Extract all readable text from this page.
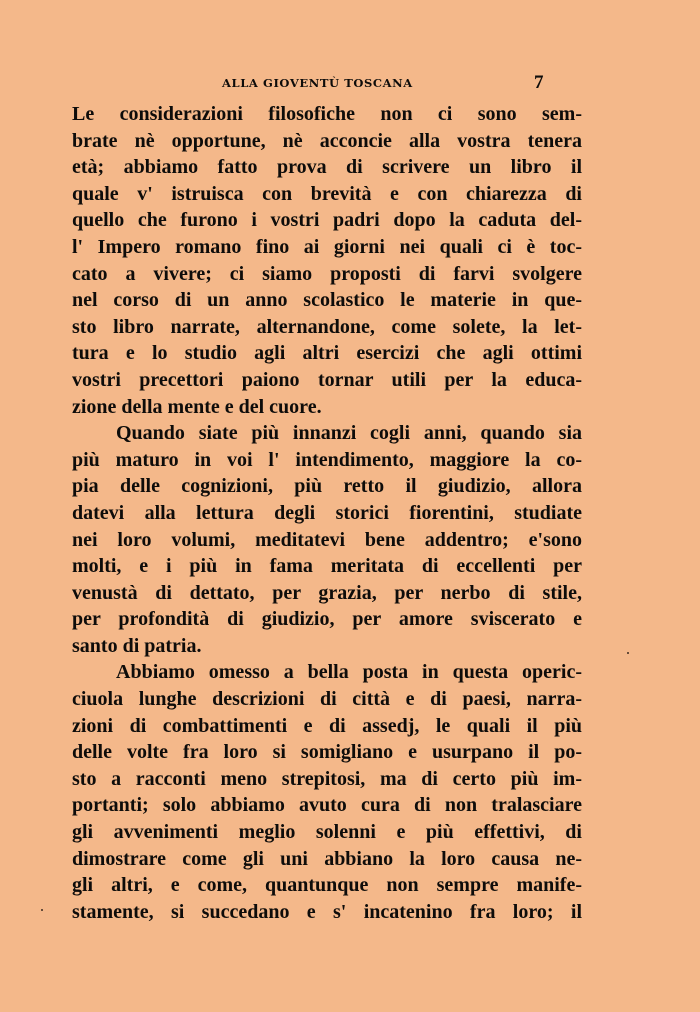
ALLA GIOVENTÙ TOSCANA	7
Le considerazioni filosofiche non ci sono sem-
brate nè opportune, nè acconcie alla vostra tenera
età; abbiamo fatto prova di scrivere un libro il
quale v' istruisca con brevità e con chiarezza di
quello che furono i vostri padri dopo la caduta del-
l' Impero romano fino ai giorni nei quali ci è toc-
cato a vivere; ci siamo proposti di farvi svolgere
nel corso di un anno scolastico le materie in que-
sto libro narrate, alternandone, come solete, la let-
tura e lo studio agli altri esercizi che agli ottimi
vostri precettori paiono tornar utili per la educa-
zione della mente e del cuore.
Quando siate più innanzi cogli anni, quando sia
più maturo in voi l' intendimento, maggiore la co-
pia delle cognizioni, più retto il giudizio, allora
datevi alla lettura degli storici fiorentini, studiate
nei loro volumi, meditatevi bene addentro; e'sono
molti, e i più in fama meritata di eccellenti per
venustà di dettato, per grazia, per nerbo di stile,
per profondità di giudizio, per amore sviscerato e
santo di patria.
Abbiamo omesso a bella posta in questa operic-
ciuola lunghe descrizioni di città e di paesi, narra-
zioni di combattimenti e di assedj, le quali il più
delle volte fra loro si somigliano e usurpano il po-
sto a racconti meno strepitosi, ma di certo più im-
portanti; solo abbiamo avuto cura di non tralasciare
gli avvenimenti meglio solenni e più effettivi, di
dimostrare come gli uni abbiano la loro causa ne-
gli altri, e come, quantunque non sempre manife-
stamente, si succedano e s' incatenino fra loro; il
